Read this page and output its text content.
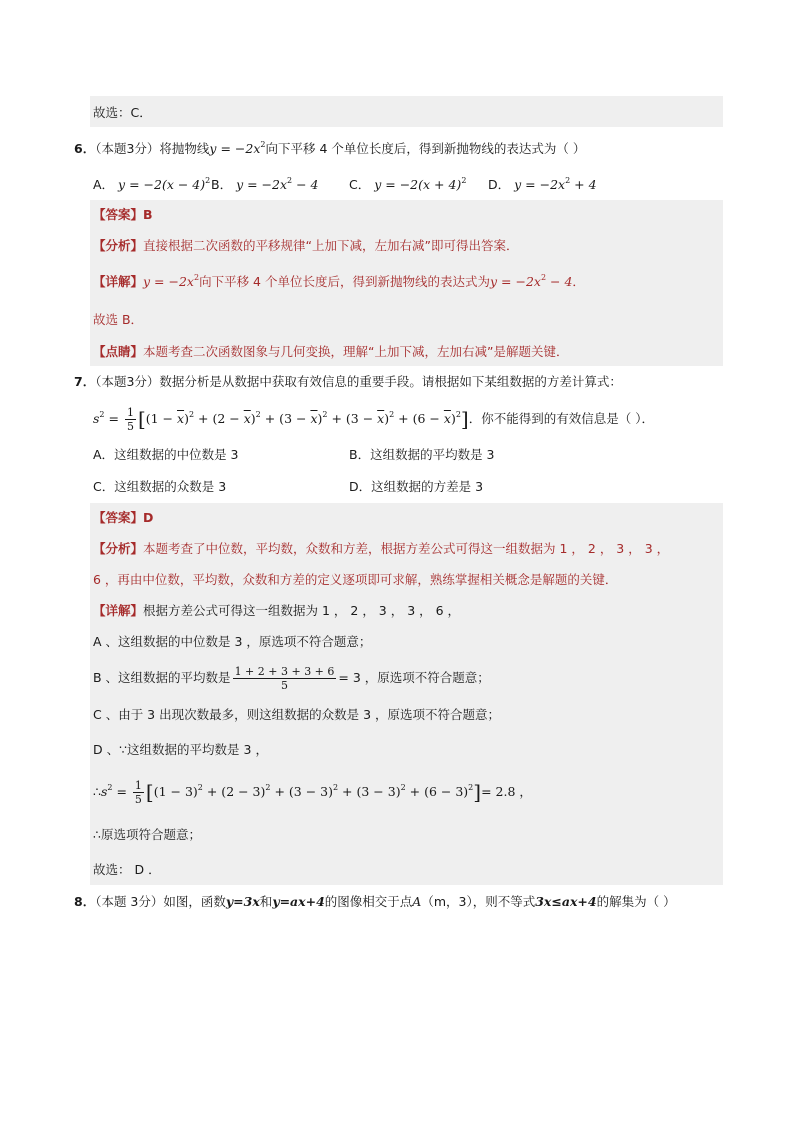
故选：C．
6．（本题3分）将抛物线$y = -2x^2$向下平移 4 个单位长度后，得到新抛物线的表达式为（ ）
A． $y = -2(x - 4)^2$ B． $y = -2x^2 - 4$ C． $y = -2(x + 4)^2$ D． $y = -2x^2 + 4$
【答案】B
【分析】直接根据二次函数的平移规律“上加下减，左加右减”即可得出答案．
【详解】$y = -2x^2$向下平移 4 个单位长度后，得到新抛物线的表达式为$y = -2x^2 - 4$．
故选 B．
【点睛】本题考查二次函数图象与几何变换，理解“上加下减，左加右减”是解题关键．
7．（本题3分）数据分析是从数据中获取有效信息的重要手段。请根据如下某组数据的方差计算式：
$s^2 = \frac{1}{5} [(1 - \overline{x})^2 + (2 - \overline{x})^2 + (3 - \overline{x})^2 + (3 - \overline{x})^2 + (6 - \overline{x})^2]$．你不能得到的有效信息是（ ）．
A．这组数据的中位数是 3	B．这组数据的平均数是 3
C．这组数据的众数是 3	D．这组数据的方差是 3
【答案】D
【分析】本题考查了中位数，平均数，众数和方差，根据方差公式可得这一组数据为 1 ， 2 ， 3 ， 3 ，
6 ，再由中位数，平均数，众数和方差的定义逐项即可求解，熟练掌握相关概念是解题的关键．
【详解】根据方差公式可得这一组数据为 1 ， 2 ， 3 ， 3 ， 6 ，
A 、这组数据的中位数是 3 ，原选项不符合题意；
B 、这组数据的平均数是 $\frac{1 + 2 + 3 + 3 + 6}{5} = 3$ ，原选项不符合题意；
C 、由于 3 出现次数最多，则这组数据的众数是 3 ，原选项不符合题意；
D 、∵这组数据的平均数是 3 ，
$\therefore s^2 = \frac{1}{5} [(1 - 3)^2 + (2 - 3)^2 + (3 - 3)^2 + (3 - 3)^2 + (6 - 3)^2]= 2.8$ ，
∴原选项符合题意；
故选： D ．
8．（本题 3分）如图，函数y=3x和y=ax+4的图像相交于点A（m，3），则不等式3x≤ax+4的解集为（ ）
